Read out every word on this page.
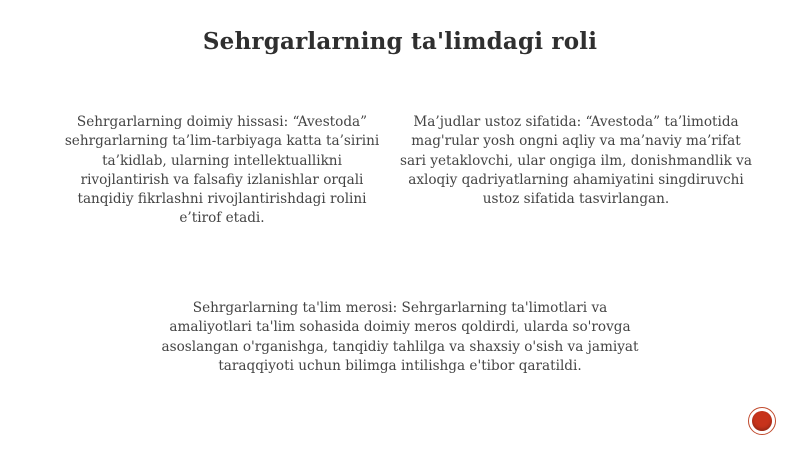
Sehrgarlarning ta'limdagi roli
Sehrgarlarning doimiy hissasi: “Avestoda” sehrgarlarning ta’lim-tarbiyaga katta ta’sirini ta’kidlab, ularning intellektuallikni rivojlantirish va falsafiy izlanishlar orqali tanqidiy fikrlashni rivojlantirishdagi rolini e’tirof etadi.
Ma’judlar ustoz sifatida: “Avestoda” ta’limotida mag'rular yosh ongni aqliy va ma’naviy ma’rifat sari yetaklovchi, ular ongiga ilm, donishmandlik va axloqiy qadriyatlarning ahamiyatini singdiruvchi ustoz sifatida tasvirlangan.
Sehrgarlarning ta'lim merosi: Sehrgarlarning ta'limotlari va amaliyotlari ta'lim sohasida doimiy meros qoldirdi, ularda so'rovga asoslangan o'rganishga, tanqidiy tahlilga va shaxsiy o'sish va jamiyat taraqqiyoti uchun bilimga intilishga e'tibor qaratildi.
